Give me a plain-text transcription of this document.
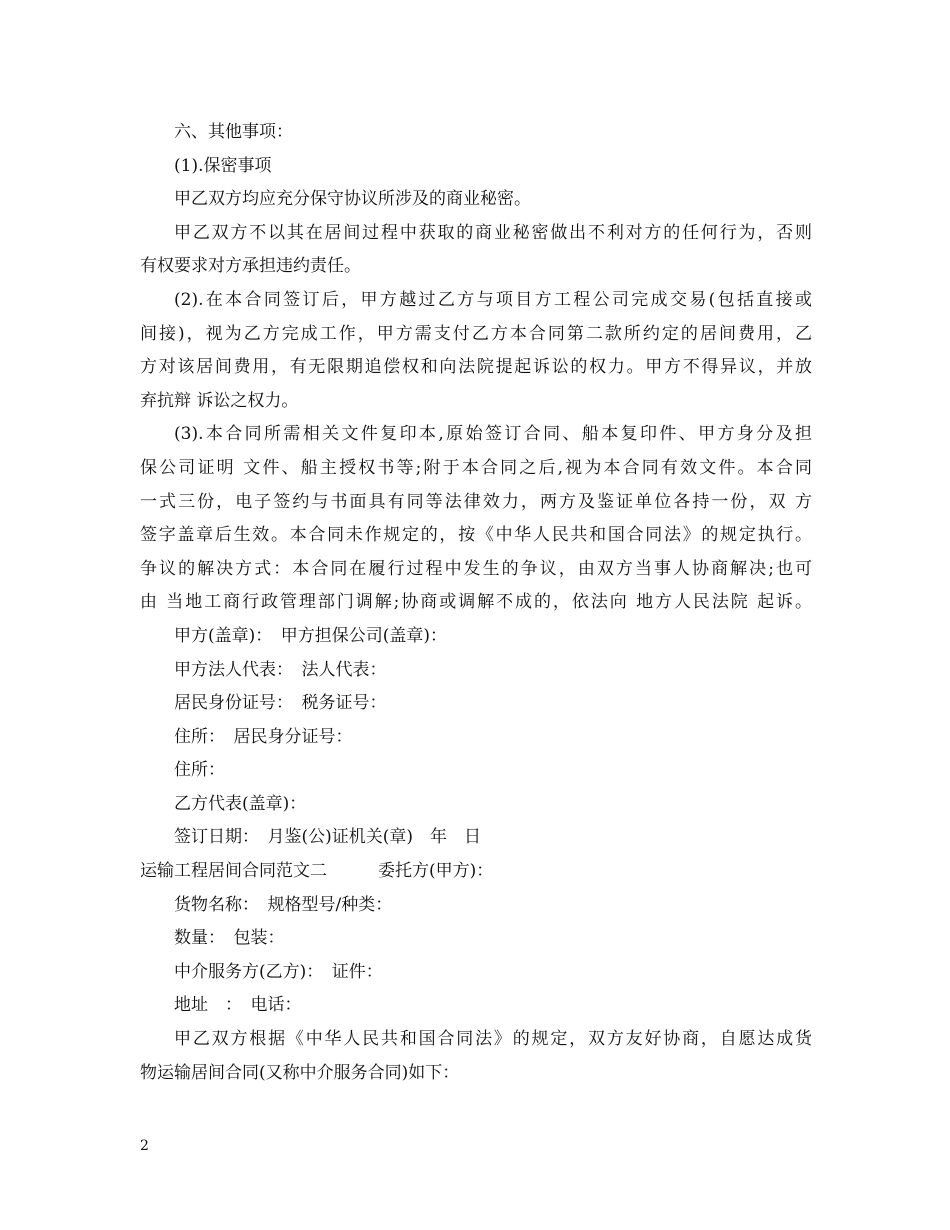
六、其他事项：
(1).保密事项
甲乙双方均应充分保守协议所涉及的商业秘密。
甲乙双方不以其在居间过程中获取的商业秘密做出不利对方的任何行为，否则
有权要求对方承担违约责任。
(2).在本合同签订后，甲方越过乙方与项目方工程公司完成交易(包括直接或
间接)，视为乙方完成工作，甲方需支付乙方本合同第二款所约定的居间费用，乙
方对该居间费用，有无限期追偿权和向法院提起诉讼的权力。甲方不得异议，并放
弃抗辩 诉讼之权力。
(3).本合同所需相关文件复印本,原始签订合同、船本复印件、甲方身分及担
保公司证明 文件、船主授权书等;附于本合同之后,视为本合同有效文件。本合同
一式三份，电子签约与书面具有同等法律效力，两方及鉴证单位各持一份，双 方
签字盖章后生效。本合同未作规定的，按《中华人民共和国合同法》的规定执行。
争议的解决方式：本合同在履行过程中发生的争议，由双方当事人协商解决;也可
由 当地工商行政管理部门调解;协商或调解不成的，依法向 地方人民法院 起诉。
甲方(盖章)：　甲方担保公司(盖章)：
甲方法人代表：　法人代表：
居民身份证号：　税务证号：
住所：　居民身分证号：
住所：
乙方代表(盖章)：
签订日期：　月鉴(公)证机关(章)　年　日
运输工程居间合同范文二　　　委托方(甲方)：
货物名称：　规格型号/种类：
数量：　包装：
中介服务方(乙方)：　证件：
地址　：　电话：
甲乙双方根据《中华人民共和国合同法》的规定，双方友好协商，自愿达成货
物运输居间合同(又称中介服务合同)如下：
2
